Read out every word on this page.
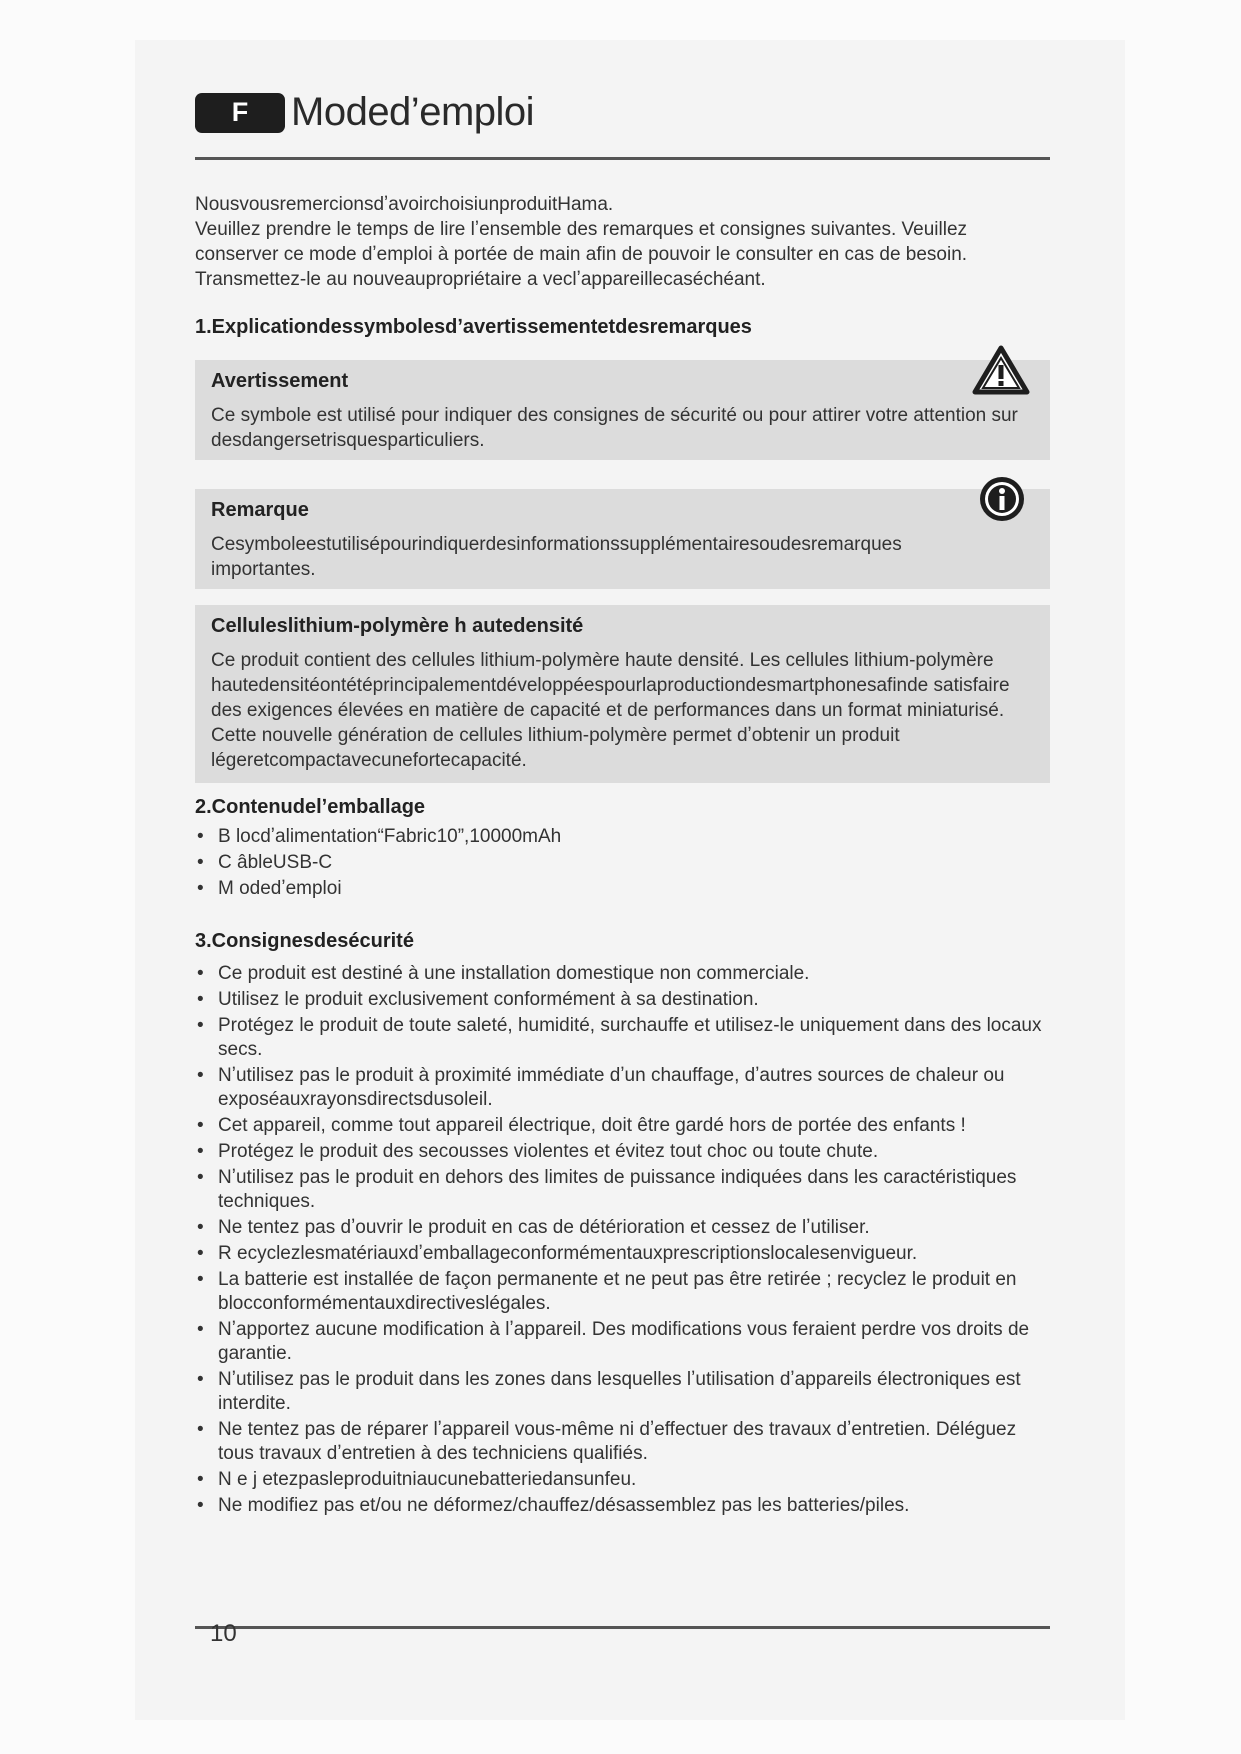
F	Moded’emploi

NousvousremercionsdʼavoirchoisiunproduitHama.

Veuillez prendre le temps de lire lʼensemble des remarques et consignes suivantes. Veuillez conserver ce mode dʼemploi à portée de main afin de pouvoir le consulter en cas de besoin. Transmettez-le au nouveaupropriétaire a veclʼappareillecaséchéant.

1.Explicationdessymbolesdʼavertissementetdesremarques
Avertissement

Ce symbole est utilisé pour indiquer des consignes de sécurité ou pour attirer votre attention sur desdangersetrisquesparticuliers.

Remarque

Cesymboleestutilisépourindiquerdesinformationssupplémentairesoudesremarques importantes.

Celluleslithium-polymère h autedensité

Ce produit contient des cellules lithium-polymère haute densité. Les cellules lithium-polymère hautedensitéontétéprincipalementdéveloppéespourlaproductiondesmartphonesafinde satisfaire des exigences élevées en matière de capacité et de performances dans un format miniaturisé. Cette nouvelle génération de cellules lithium-polymère permet dʼobtenir un produit légeretcompactavecunefortecapacité.

2.Contenudelʼemballage
• B locdʼalimentation“Fabric10”,10000mAh
• C âbleUSB-C
• M odedʼemploi
3.Consignesdesécurité
• Ce produit est destiné à une installation domestique non commerciale.
• Utilisez le produit exclusivement conformément à sa destination.
• Protégez le produit de toute saleté, humidité, surchauffe et utilisez-le uniquement dans des locaux secs.
• Nʼutilisez pas le produit à proximité immédiate dʼun chauffage, dʼautres sources de chaleur ou exposéauxrayonsdirectsdusoleil.
• Cet appareil, comme tout appareil électrique, doit être gardé hors de portée des enfants !
• Protégez le produit des secousses violentes et évitez tout choc ou toute chute.
• Nʼutilisez pas le produit en dehors des limites de puissance indiquées dans les caractéristiques techniques.
• Ne tentez pas dʼouvrir le produit en cas de détérioration et cessez de lʼutiliser.
• R ecyclezlesmatériauxdʼemballageconformémentauxprescriptionslocalesenvigueur.
• La batterie est installée de façon permanente et ne peut pas être retirée ; recyclez le produit en blocconformémentauxdirectiveslégales.
• Nʼapportez aucune modification à lʼappareil. Des modifications vous feraient perdre vos droits de garantie.
• Nʼutilisez pas le produit dans les zones dans lesquelles lʼutilisation dʼappareils électroniques est interdite.
• Ne tentez pas de réparer lʼappareil vous-même ni dʼeffectuer des travaux dʼentretien. Déléguez tous travaux dʼentretien à des techniciens qualifiés.
• N e j etezpasleproduitniaucunebatteriedansunfeu.
• Ne modifiez pas et/ou ne déformez/chauffez/désassemblez pas les batteries/piles.
10
